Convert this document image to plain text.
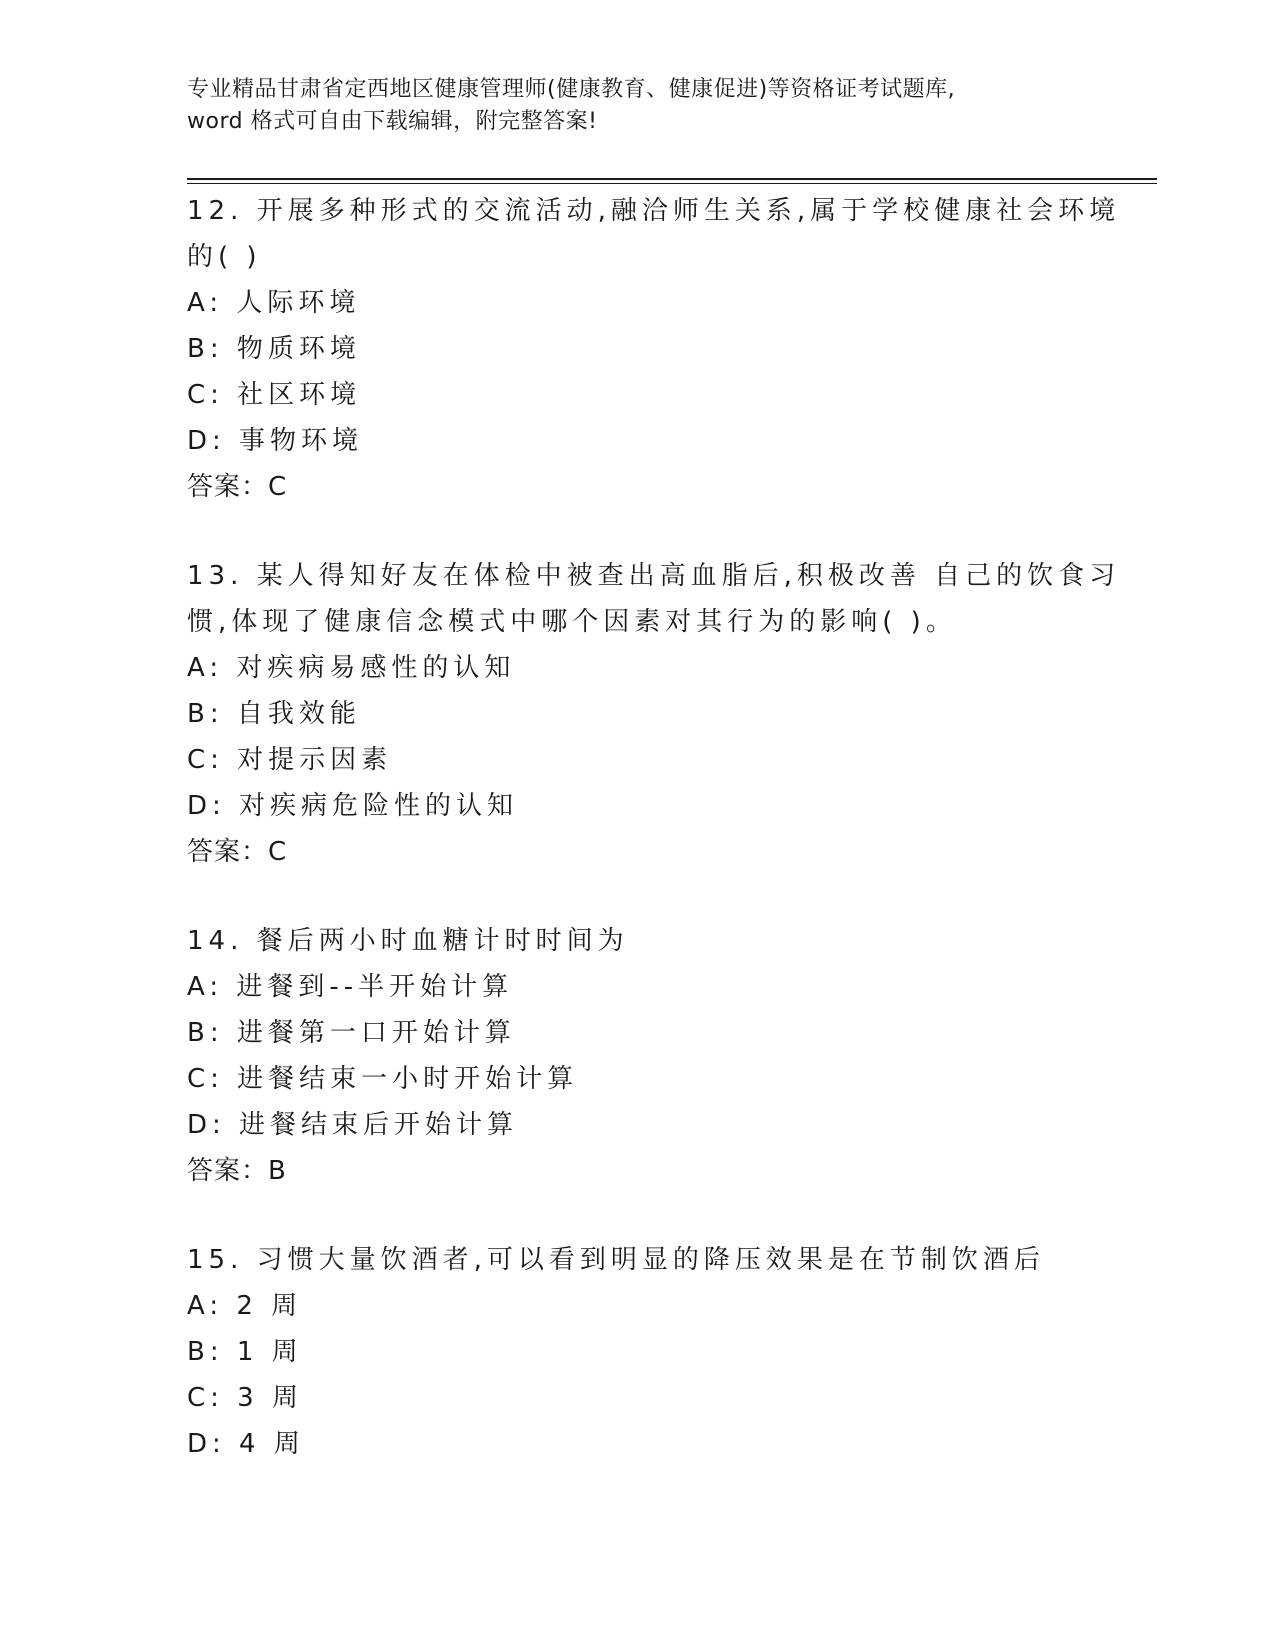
专业精品甘肃省定西地区健康管理师(健康教育、健康促进)等资格证考试题库,
word 格式可自由下载编辑，附完整答案!
12. 开展多种形式的交流活动,融洽师生关系,属于学校健康社会环境
的( )
A: 人际环境
B: 物质环境
C: 社区环境
D: 事物环境
答案：C
13. 某人得知好友在体检中被查出高血脂后,积极改善 自己的饮食习
惯,体现了健康信念模式中哪个因素对其行为的影响( )。
A: 对疾病易感性的认知
B: 自我效能
C: 对提示因素
D: 对疾病危险性的认知
答案：C
14. 餐后两小时血糖计时时间为
A: 进餐到--半开始计算
B: 进餐第一口开始计算
C: 进餐结束一小时开始计算
D: 进餐结束后开始计算
答案：B
15. 习惯大量饮酒者,可以看到明显的降压效果是在节制饮酒后
A: 2 周
B: 1 周
C: 3 周
D: 4 周
